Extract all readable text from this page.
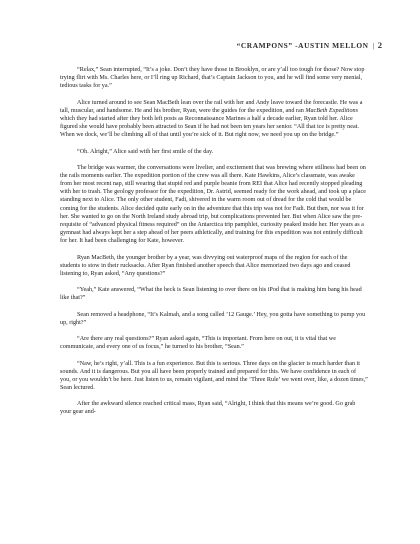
“CRAMPONS” -AUSTIN MELLON | 2

“Relax,” Sean interrupted, “It’s a joke. Don’t they have those in Brooklyn, or are y’all too tough for those? Now stop trying flirt with Ms. Charles here, or I’ll ring up Richard, that’s Captain Jackson to you, and he will find some very menial, tedious tasks for ya.”

Alice turned around to see Sean MacBeth lean over the rail with her and Andy leave toward the forecastle. He was a tall, muscular, and handsome. He and his brother, Ryan, were the guides for the expedition, and ran MacBeth Expeditions which they had started after they both left posts as Reconnaissance Marines a half a decade earlier, Ryan told her. Alice figured she would have probably been attracted to Sean if he had not been ten years her senior. “All that ice is pretty neat. When we dock, we’ll be climbing all of that until you’re sick of it. But right now, we need you up on the bridge.”

“Oh. Alright,” Alice said with her first smile of the day.

The bridge was warmer, the conversations were livelier, and excitement that was brewing where stillness had been on the rails moments earlier. The expedition portion of the crew was all there. Kate Hawkins, Alice’s classmate, was awake from her most recent nap, still wearing that stupid red and purple beanie from REI that Alice had recently stopped pleading with her to trash. The geology professor for the expedition, Dr. Astrid, seemed ready for the work ahead, and took up a place standing next to Alice. The only other student, Fadi, shivered in the warm room out of dread for the cold that would be coming for the students. Alice decided quite early on in the adventure that this trip was not for Fadi. But then, nor was it for her. She wanted to go on the North Ireland study abroad trip, but complications prevented her. But when Alice saw the pre-requisite of “advanced physical fitness required” on the Antarctica trip pamphlet, curiosity peaked inside her. Her years as a gymnast had always kept her a step ahead of her peers athletically, and training for this expedition was not entirely difficult for her. It had been challenging for Kate, however.

Ryan MacBeth, the younger brother by a year, was divvying out waterproof maps of the region for each of the students to stow in their rucksacks. After Ryan finished another speech that Alice memorized two days ago and ceased listening to, Ryan asked, “Any questions?”

“Yeah,” Kate answered, “What the heck is Sean listening to over there on his iPod that is making him bang his head like that?”

Sean removed a headphone, “It’s Kalmah, and a song called ’12 Gauge.’ Hey, you gotta have something to pump you up, right?”

“Are there any real questions?” Ryan asked again, “This is important. From here on out, it is vital that we communicate, and every one of us focus,” he turned to his brother, “Sean.”

“Naw, he’s right, y’all. This is a fun experience. But this is serious. Three days on the glacier is much harder than it sounds. And it is dangerous. But you all have been properly trained and prepared for this. We have confidence in each of you, or you wouldn’t be here. Just listen to us, remain vigilant, and mind the ‘Three Rule’ we went over, like, a dozen times,” Sean lectured.

After the awkward silence reached critical mass, Ryan said, “Alright, I think that this means we’re good. Go grab your gear and-
